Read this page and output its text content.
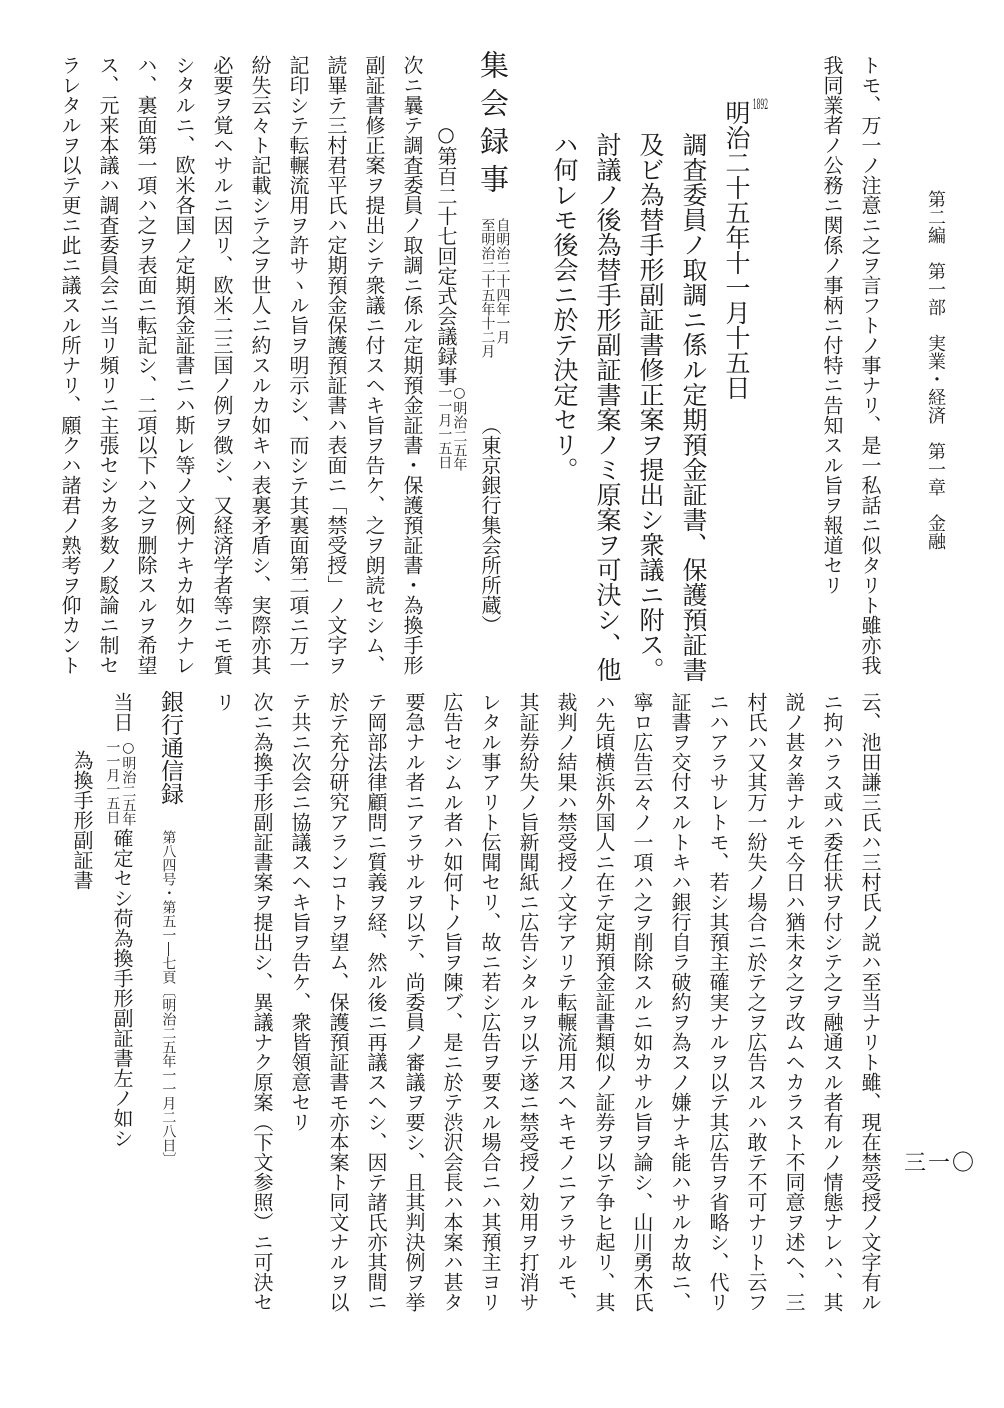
第二編　第一部　実業・経済　第一章　金融
三一〇
トモ、万一ノ注意ニ之ヲ言フトノ事ナリ、是一私話ニ似タリト雖亦我
我同業者ノ公務ニ関係ノ事柄ニ付特ニ告知スル旨ヲ報道セリ
1892
明治二十五年十一月十五日
調査委員ノ取調ニ係ル定期預金証書、保護預証書
及ビ為替手形副証書修正案ヲ提出シ衆議ニ附ス。
討議ノ後為替手形副証書案ノミ原案ヲ可決シ、他
ハ何レモ後会ニ於テ決定セリ。
集会録事
自明治二十四年一月
至明治二十五年十二月
（東京銀行集会所所蔵）
○第百二十七回定式会議録事
○明治二五年
一一月一五日
次ニ曩テ調査委員ノ取調ニ係ル定期預金証書・保護預証書・為換手形
副証書修正案ヲ提出シテ衆議ニ付スヘキ旨ヲ告ケ、之ヲ朗読セシム、
読畢テ三村君平氏ハ定期預金保護預証書ハ表面ニ「禁受授」ノ文字ヲ
記印シテ転輾流用ヲ許サヽル旨ヲ明示シ、而シテ其裏面第二項ニ万一
紛失云々ト記載シテ之ヲ世人ニ約スルカ如キハ表裏矛盾シ、実際亦其
必要ヲ覚ヘサルニ因リ、欧米二三国ノ例ヲ徴シ、又経済学者等ニモ質
シタルニ、欧米各国ノ定期預金証書ニハ斯レ等ノ文例ナキカ如クナレ
ハ、裏面第一項ハ之ヲ表面ニ転記シ、二項以下ハ之ヲ删除スルヲ希望
ス、元来本議ハ調査委員会ニ当リ頻リニ主張セシカ多数ノ駁論ニ制セ
ラレタルヲ以テ更ニ此ニ議スル所ナリ、願クハ諸君ノ熟考ヲ仰カント
云、池田謙三氏ハ三村氏ノ説ハ至当ナリト雖、現在禁受授ノ文字有ル
ニ拘ハラス或ハ委任状ヲ付シテ之ヲ融通スル者有ルノ情態ナレハ、其
説ノ甚タ善ナルモ今日ハ猶未タ之ヲ改ムヘカラスト不同意ヲ述ヘ、三
村氏ハ又其万一紛失ノ場合ニ於テ之ヲ広告スルハ敢テ不可ナリト云フ
ニハアラサレトモ、若シ其預主確実ナルヲ以テ其広告ヲ省略シ、代リ
証書ヲ交付スルトキハ銀行自ラ破約ヲ為スノ嫌ナキ能ハサルカ故ニ、
寧ロ広告云々ノ一項ハ之ヲ削除スルニ如カサル旨ヲ論シ、山川勇木氏
ハ先頃横浜外国人ニ在テ定期預金証書類似ノ証券ヲ以テ争ヒ起リ、其
裁判ノ結果ハ禁受授ノ文字アリテ転輾流用スヘキモノニアラサルモ、
其証券紛失ノ旨新聞紙ニ広告シタルヲ以テ遂ニ禁受授ノ効用ヲ打消サ
レタル事アリト伝聞セリ、故ニ若シ広告ヲ要スル場合ニハ其預主ヨリ
広告セシムル者ハ如何トノ旨ヲ陳ブ、是ニ於テ渋沢会長ハ本案ハ甚タ
要急ナル者ニアラサルヲ以テ、尚委員ノ審議ヲ要シ、且其判決例ヲ挙
テ岡部法律顧問ニ質義ヲ経、然ル後ニ再議スヘシ、因テ諸氏亦其間ニ
於テ充分研究アランコトヲ望ム、保護預証書モ亦本案ト同文ナルヲ以
テ共ニ次会ニ協議スヘキ旨ヲ告ケ、衆皆領意セリ
次ニ為換手形副証書案ヲ提出シ、異議ナク原案（下文参照）ニ可決セ
リ
銀行通信録
第八四号・第五一―七頁〔明治二五年一一月二八日〕
当日
○明治二五年
一一月一五日
確定セシ荷為換手形副証書左ノ如シ
為換手形副証書
